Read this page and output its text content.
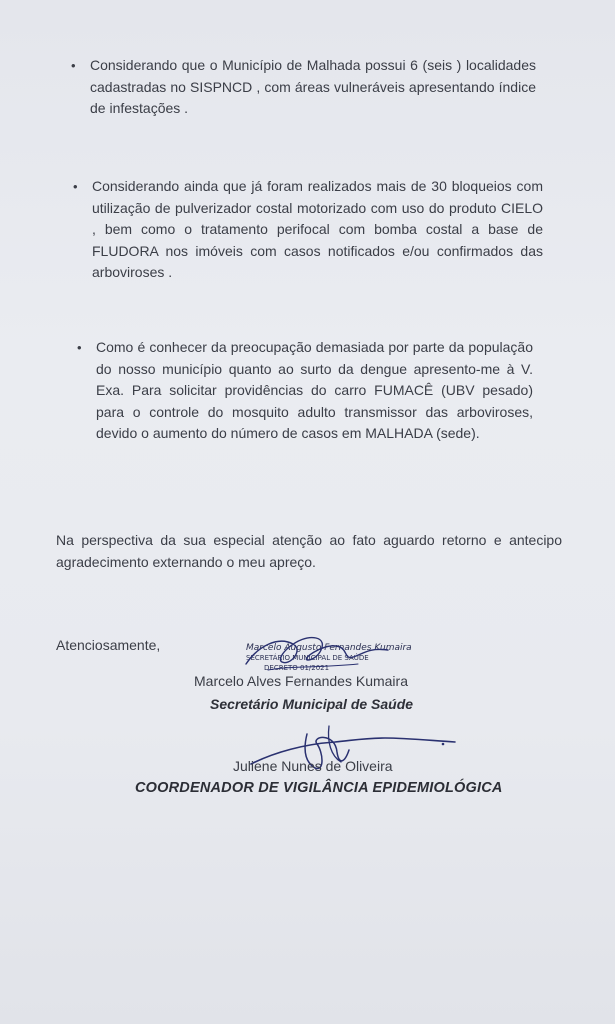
• Considerando que o Município de Malhada possui 6 (seis ) localidades cadastradas no SISPNCD , com áreas vulneráveis apresentando índice de infestações .

• Considerando ainda que já foram realizados mais de 30 bloqueios com utilização de pulverizador costal motorizado com uso do produto CIELO , bem como o tratamento perifocal com bomba costal a base de FLUDORA nos imóveis com casos notificados e/ou confirmados das arboviroses .

• Como é conhecer da preocupação demasiada por parte da população do nosso município quanto ao surto da dengue apresento-me à V. Exa. Para solicitar providências do carro FUMACÊ (UBV pesado) para o controle do mosquito adulto transmissor das arboviroses, devido o aumento do número de casos em MALHADA (sede).

Na perspectiva da sua especial atenção ao fato aguardo retorno e antecipo agradecimento externando o meu apreço.

Atenciosamente,	Marcelo Augusto Fernandes Kumaira
SECRETÁRIO MUNICIPAL DE SAÚDE
DECRETO 01/2021
Marcelo Alves Fernandes Kumaira
Secretário Municipal de Saúde
Juliene Nunes de Oliveira
COORDENADOR DE VIGILÂNCIA EPIDEMIOLÓGICA
